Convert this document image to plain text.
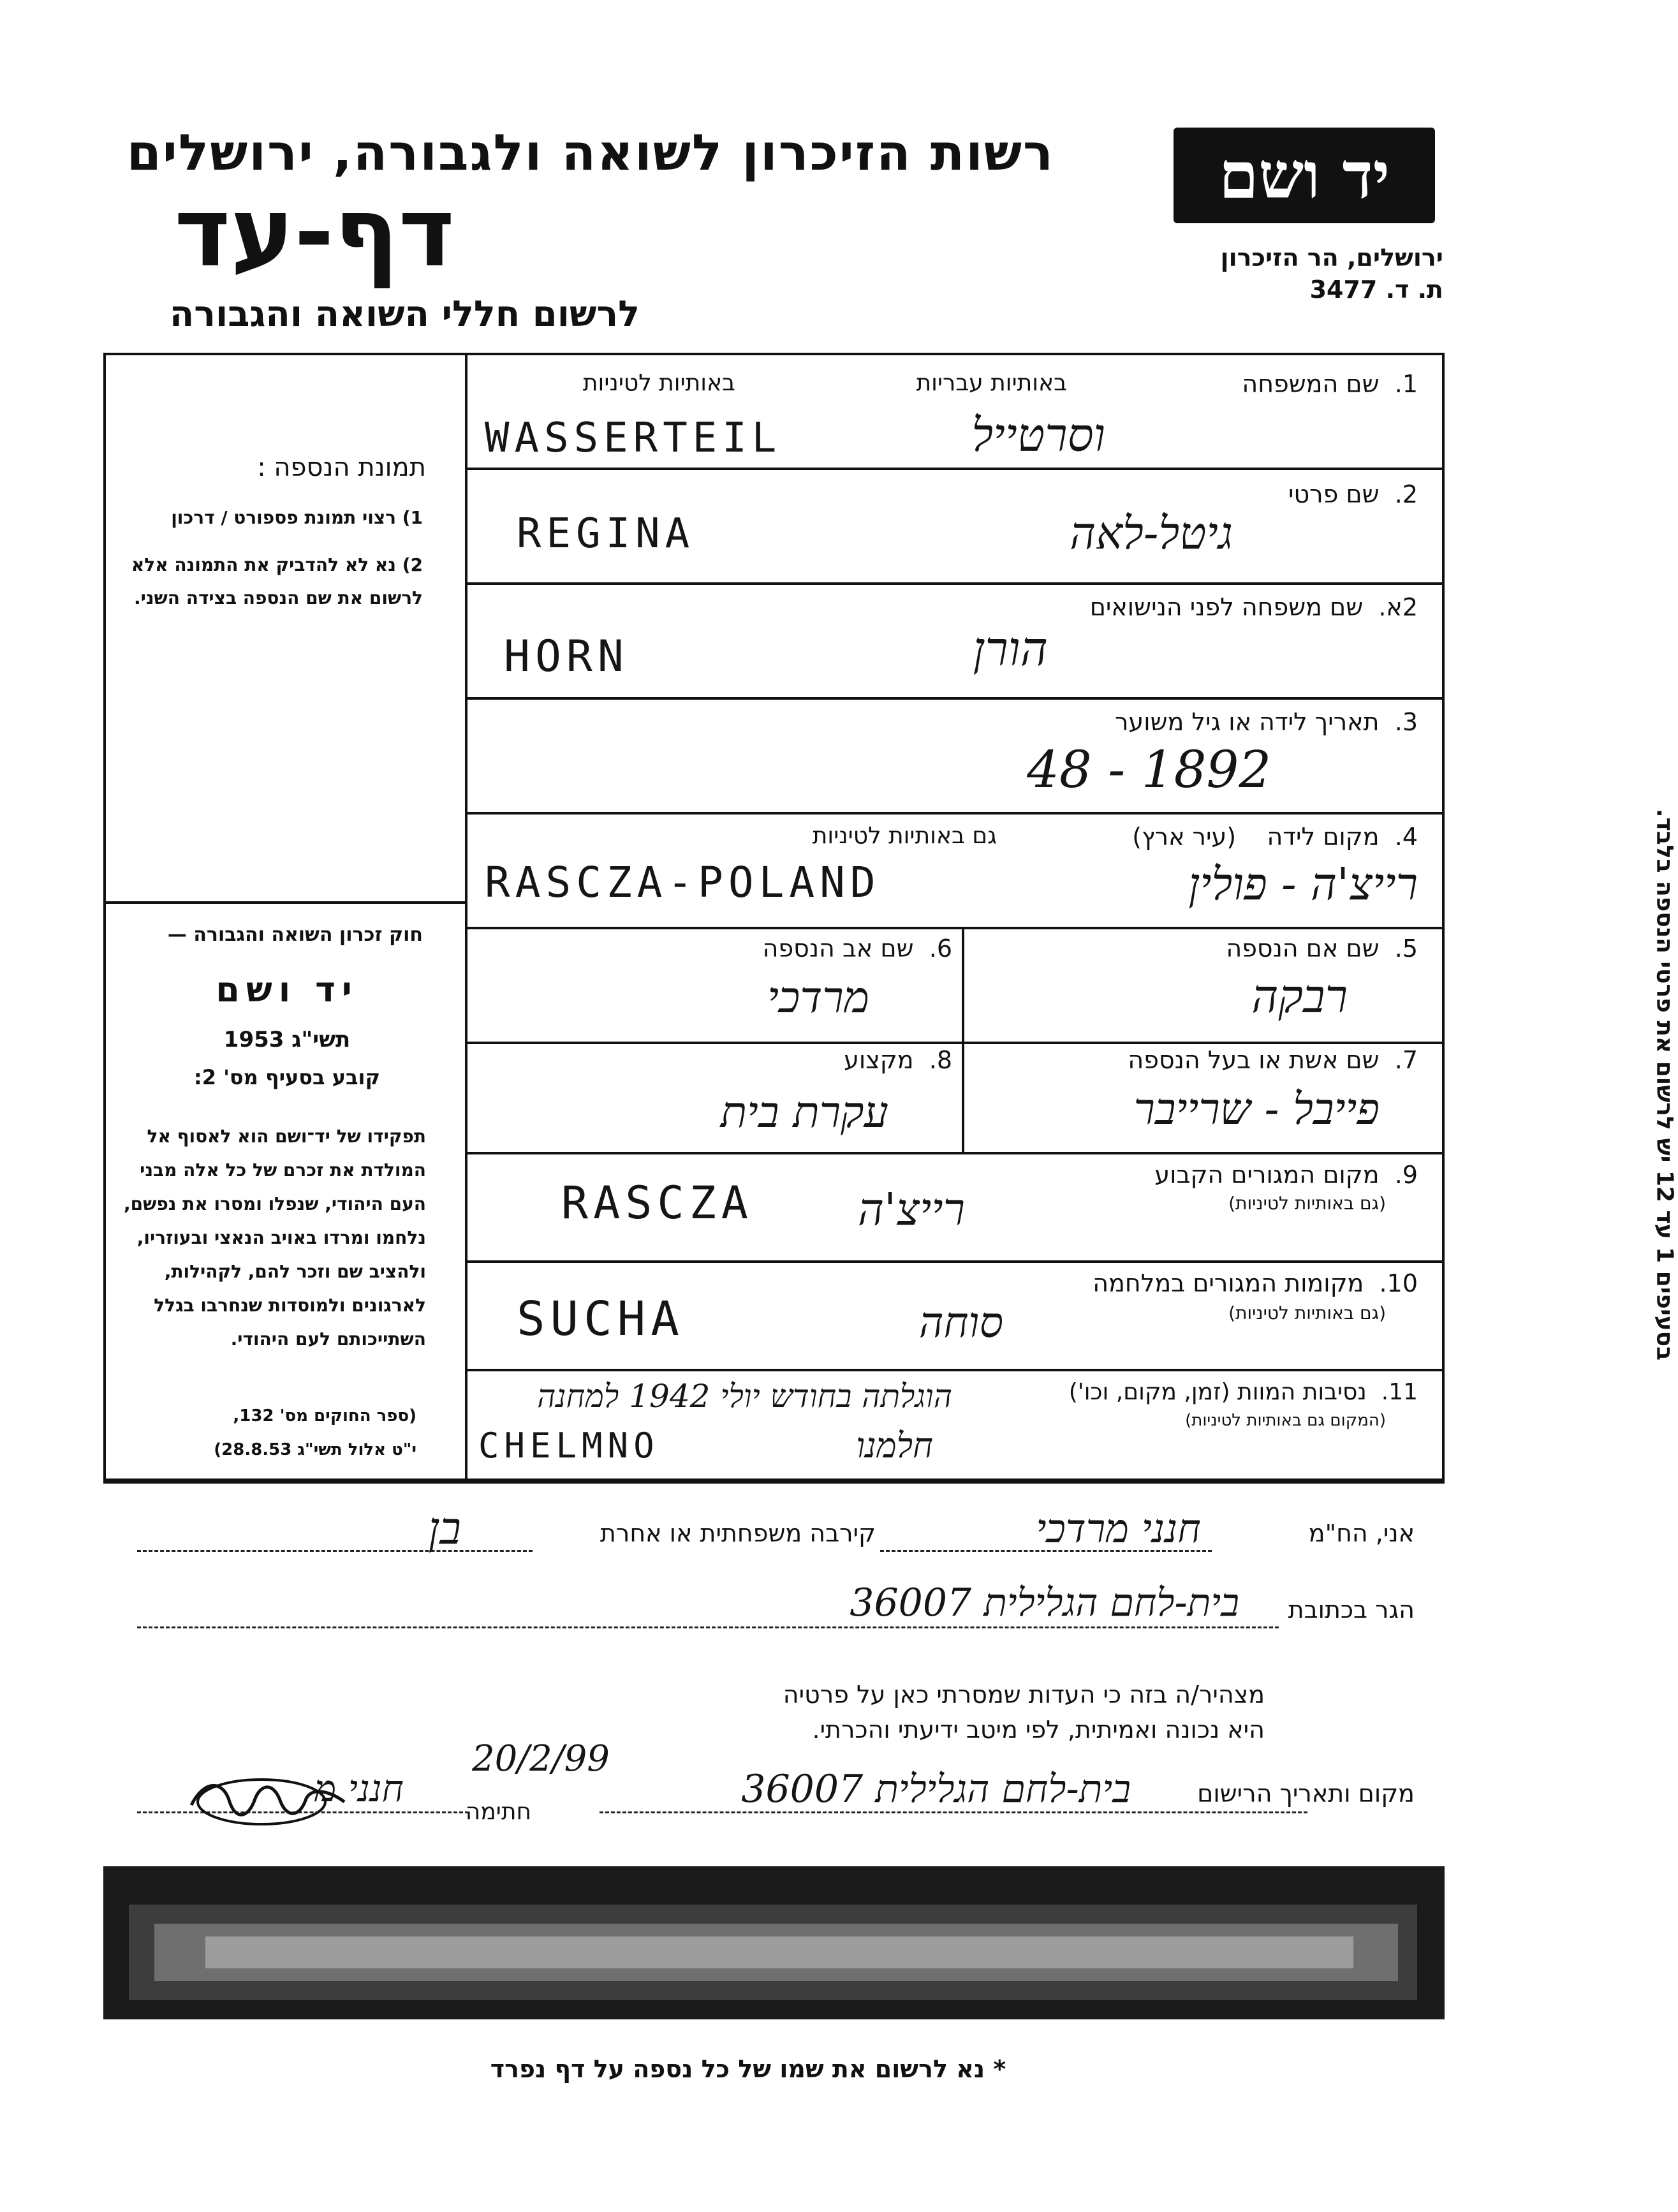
רשות הזיכרון לשואה ולגבורה, ירושלים
דף-עד
לרשום חללי השואה והגבורה
יד ושם
ירושלים, הר הזיכרון
ת. ד. 3477
תמונת הנספה :
1) רצוי תמונת פספורט / דרכון
2) נא לא להדביק את התמונה אלא לרשום את שם הנספה בצידה השני.
חוק זכרון השואה והגבורה —
יד ושם
תשי"ג 1953
קובע בסעיף מס' 2:
תפקידו של יד־ושם הוא לאסוף אל המולדת את זכרם של כל אלה מבני העם היהודי, שנפלו ומסרו את נפשם, נלחמו ומרדו באויב הנאצי ובעוזריו, ולהציב שם וזכר להם, לקהילות, לארגונים ולמוסדות שנחרבו בגלל השתייכותם לעם היהודי.
(ספר החוקים מס' 132,
י"ט אלול תשי"ג 28.8.53)
בסעיפים 1 עד 12 יש לרשום את פרטי הנספה בלבד.
1.  שם המשפחה
באותיות עבריות
באותיות לטיניות
WASSERTEIL	וסרטייל
2.  שם פרטי
REGINA	גיטל-לאה
2א.  שם משפחה לפני הנישואים
HORN	הורן
3.  תאריך לידה או גיל משוער
48 - 1892
4.  מקום לידה    (עיר ארץ)
גם באותיות לטיניות
RASCZA-POLAND	רייצ'ה - פולין
5.  שם אם הנספה
רבקה
6.  שם אב הנספה
מרדכי
7.  שם אשת או בעל הנספה
פייבל - שרייבר
8.  מקצוע
עקרת בית
9.  מקום המגורים הקבוע
(גם באותיות לטיניות)
RASCZA	רייצ'ה
10.  מקומות המגורים במלחמה
(גם באותיות לטיניות)
SUCHA	סוחה
11.  נסיבות המוות (זמן, מקום, וכו')
(המקום גם באותיות לטיניות)
הוגלתה בחודש יולי 1942 למחנה
CHELMNO	חלמנו
אני, הח"מ
חנני מרדכי
קירבה משפחתית או אחרת
בן
הגר בכתובת
בית-לחם הגלילית 36007
מצהיר/ה בזה כי העדות שמסרתי כאן על פרטיה
היא נכונה ואמיתית, לפי מיטב ידיעתי והכרתי.
מקום ותאריך הרישום
20/2/99
בית-לחם הגלילית 36007
חתימה
חנני מ
* נא לרשום את שמו של כל נספה על דף נפרד
